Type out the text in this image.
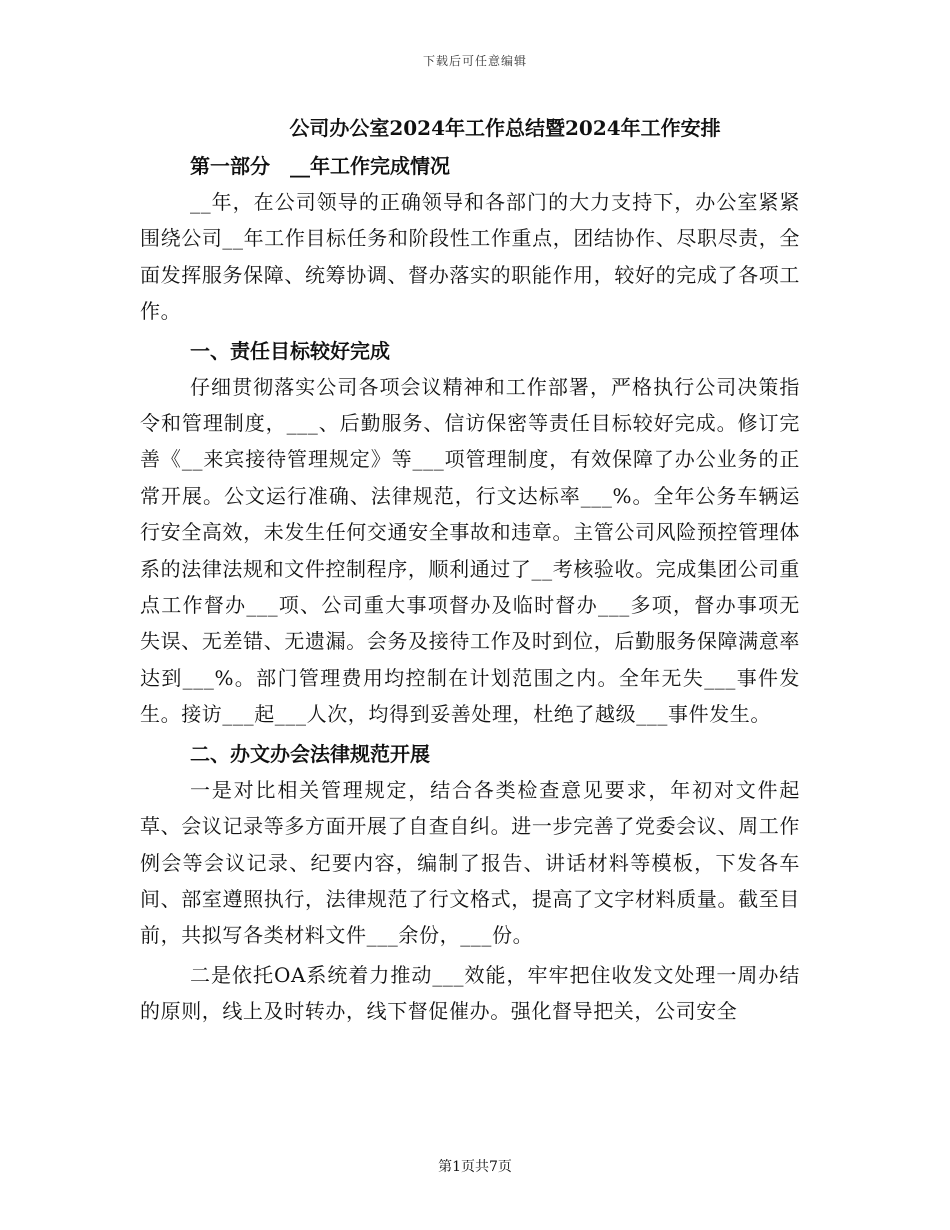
下载后可任意编辑
公司办公室2024年工作总结暨2024年工作安排
第一部分　__年工作完成情况

__年，在公司领导的正确领导和各部门的大力支持下，办公室紧紧围绕公司__年工作目标任务和阶段性工作重点，团结协作、尽职尽责，全面发挥服务保障、统筹协调、督办落实的职能作用，较好的完成了各项工作。

一、责任目标较好完成

仔细贯彻落实公司各项会议精神和工作部署，严格执行公司决策指令和管理制度，___、后勤服务、信访保密等责任目标较好完成。修订完善《__来宾接待管理规定》等___项管理制度，有效保障了办公业务的正常开展。公文运行准确、法律规范，行文达标率___%。全年公务车辆运行安全高效，未发生任何交通安全事故和违章。主管公司风险预控管理体系的法律法规和文件控制程序，顺利通过了__考核验收。完成集团公司重点工作督办___项、公司重大事项督办及临时督办___多项，督办事项无失误、无差错、无遗漏。会务及接待工作及时到位，后勤服务保障满意率达到___%。部门管理费用均控制在计划范围之内。全年无失___事件发生。接访___起___人次，均得到妥善处理，杜绝了越级___事件发生。

二、办文办会法律规范开展

一是对比相关管理规定，结合各类检查意见要求，年初对文件起草、会议记录等多方面开展了自查自纠。进一步完善了党委会议、周工作例会等会议记录、纪要内容，编制了报告、讲话材料等模板，下发各车间、部室遵照执行，法律规范了行文格式，提高了文字材料质量。截至目前，共拟写各类材料文件___余份，___份。

二是依托OA系统着力推动___效能，牢牢把住收发文处理一周办结的原则，线上及时转办，线下督促催办。强化督导把关，公司安全

第1页共7页
